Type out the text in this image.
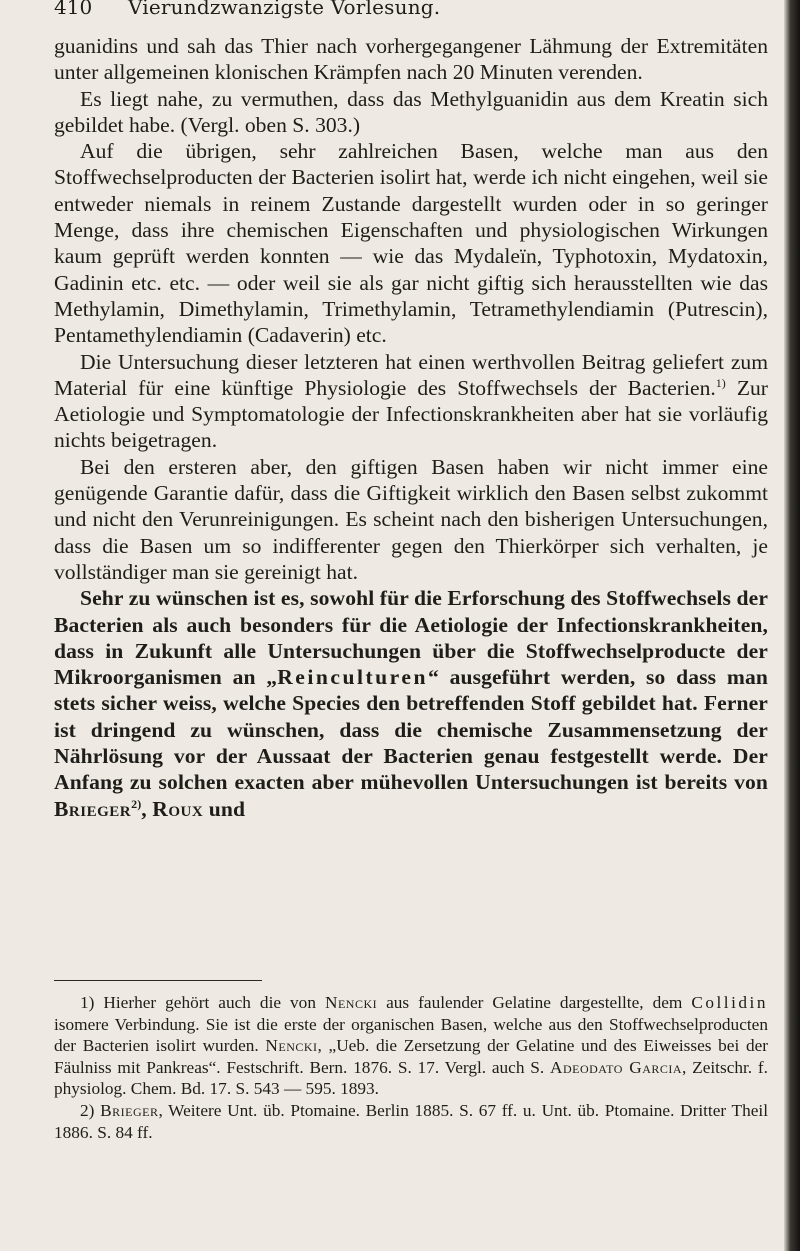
410 Vierundzwanzigste Vorlesung.

guanidins und sah das Thier nach vorhergegangener Lähmung der Extremitäten unter allgemeinen klonischen Krämpfen nach 20 Minuten verenden.

Es liegt nahe, zu vermuthen, dass das Methylguanidin aus dem Kreatin sich gebildet habe. (Vergl. oben S. 303.)

Auf die übrigen, sehr zahlreichen Basen, welche man aus den Stoffwechselproducten der Bacterien isolirt hat, werde ich nicht eingehen, weil sie entweder niemals in reinem Zustande dargestellt wurden oder in so geringer Menge, dass ihre chemischen Eigenschaften und physiologischen Wirkungen kaum geprüft werden konnten — wie das Mydaleïn, Typhotoxin, Mydatoxin, Gadinin etc. etc. — oder weil sie als gar nicht giftig sich herausstellten wie das Methylamin, Dimethylamin, Trimethylamin, Tetramethylendiamin (Putrescin), Pentamethylendiamin (Cadaverin) etc.

Die Untersuchung dieser letzteren hat einen werthvollen Beitrag geliefert zum Material für eine künftige Physiologie des Stoffwechsels der Bacterien.$^{1)}$ Zur Aetiologie und Symptomatologie der Infectionskrankheiten aber hat sie vorläufig nichts beigetragen.

Bei den ersteren aber, den giftigen Basen haben wir nicht immer eine genügende Garantie dafür, dass die Giftigkeit wirklich den Basen selbst zukommt und nicht den Verunreinigungen. Es scheint nach den bisherigen Untersuchungen, dass die Basen um so indifferenter gegen den Thierkörper sich verhalten, je vollständiger man sie gereinigt hat.

Sehr zu wünschen ist es, sowohl für die Erforschung des Stoffwechsels der Bacterien als auch besonders für die Aetiologie der Infectionskrankheiten, dass in Zukunft alle Untersuchungen über die Stoffwechselproducte der Mikroorganismen an „Reinculturen“ ausgeführt werden, so dass man stets sicher weiss, welche Species den betreffenden Stoff gebildet hat. Ferner ist dringend zu wünschen, dass die chemische Zusammensetzung der Nährlösung vor der Aussaat der Bacterien genau festgestellt werde. Der Anfang zu solchen exacten aber mühevollen Untersuchungen ist bereits von Brieger$^{2)}$, Roux und

1) Hierher gehört auch die von Nencki aus faulender Gelatine dargestellte, dem Collidin isomere Verbindung. Sie ist die erste der organischen Basen, welche aus den Stoffwechselproducten der Bacterien isolirt wurden. Nencki, „Ueb. die Zersetzung der Gelatine und des Eiweisses bei der Fäulniss mit Pankreas“. Festschrift. Bern. 1876. S. 17. Vergl. auch S. Adeodato Garcia, Zeitschr. f. physiolog. Chem. Bd. 17. S. 543 — 595. 1893.

2) Brieger, Weitere Unt. üb. Ptomaine. Berlin 1885. S. 67 ff. u. Unt. üb. Ptomaine. Dritter Theil 1886. S. 84 ff.
